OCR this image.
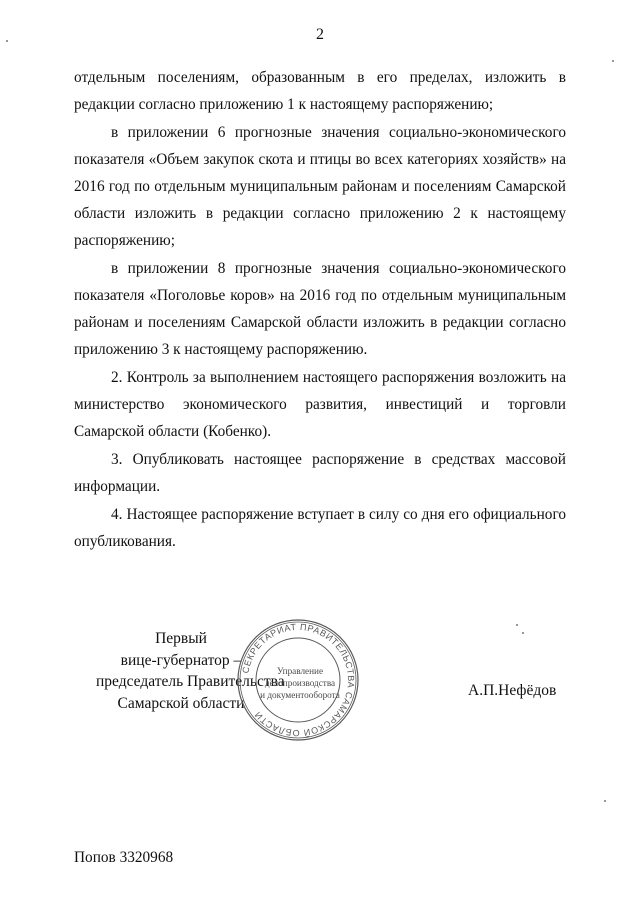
2

отдельным поселениям, образованным в его пределах, изложить в редакции согласно приложению 1 к настоящему распоряжению;

в приложении 6 прогнозные значения социально-экономического показателя «Объем закупок скота и птицы во всех категориях хозяйств» на 2016 год по отдельным муниципальным районам и поселениям Самарской области изложить в редакции согласно приложению 2 к настоящему распоряжению;

в приложении 8 прогнозные значения социально-экономического показателя «Поголовье коров» на 2016 год по отдельным муниципальным районам и поселениям Самарской области изложить в редакции согласно приложению 3 к настоящему распоряжению.

2. Контроль за выполнением настоящего распоряжения возложить на министерство экономического развития, инвестиций и торговли Самарской области (Кобенко).

3. Опубликовать настоящее распоряжение в средствах массовой информации.

4. Настоящее распоряжение вступает в силу со дня его официального опубликования.

Первый
вице-губернатор –
председатель Правительства
Самарской области
СЕКРЕТАРИАТ ПРАВИТЕЛЬСТВА САМАРСКОЙ ОБЛАСТИ
Управление
делопроизводства
и документооборота	А.П.Нефёдов
Попов 3320968
